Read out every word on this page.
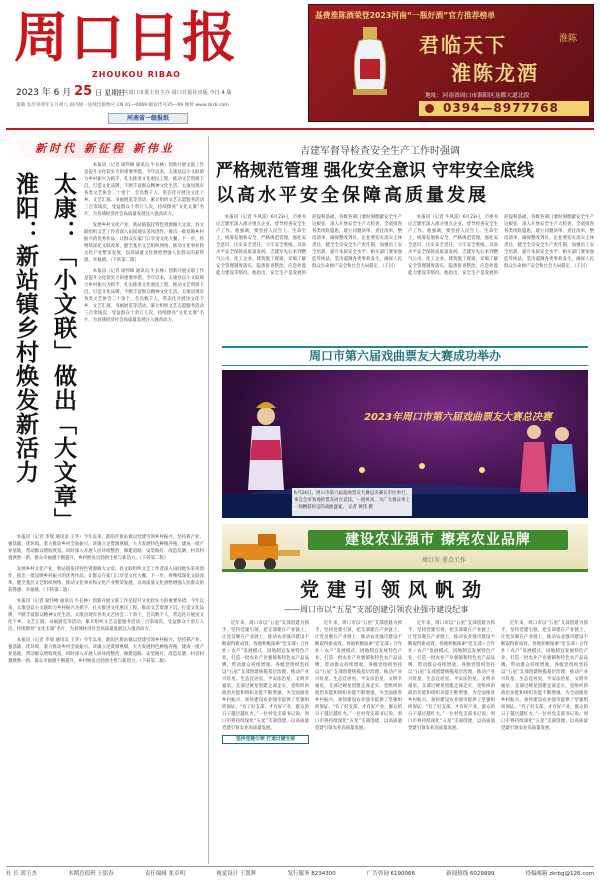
周口日报
ZHOUKOU RIBAO
2023 年 6 月 25 日 星期日
中共周口市委主管主办 周口日报社出版 今日 4 版
第期 农历癸卯年五月初八 国内统一连续出版物号 CN 41—0069 邮发代号35—69 网址 www.zkrb.com
河南省一级报纸
基费淮陈酒荣登2023河南“一瓶好酒”官方推荐榜单
君临天下
淮陈龙酒
淮陈
地址：河南省周口市淮阳区龙都大道北段
0394—8977768
新时代 新征程 新伟业
太康：「小文联」做出「大文章」
淮阳：新站镇乡村焕发新活力

本报讯（记者 梁伟峰 通讯员 牛长林）创新开展文联工作是提升文化软实力的重要举措。今年以来，太康县以小文联助力乡村振兴为抓手，扎实推进文化惠民工程，推动文艺资源下沉，打造文化品牌，不断丰富群众精神文化生活。太康县现有各类文艺协会二十余个，会员数千人，常态化开展送文化下乡、文艺汇演、书画展览等活动，累计组织文艺志愿服务活动三百余场次，受益群众十余万人次，持续擦亮“文化太康”名片，为县域经济社会高质量发展注入强劲动力。

发展乡村文化产业，新站镇依托特色资源做大文章。县文联组织文艺工作者深入田间地头采风创作，推出一批反映乡村振兴的优秀作品，让群众在家门口享受文化大餐。下一步，将继续深化文联改革，健全基层文艺组织网络，推动文化事业和文化产业繁荣发展，以高质量文化供给增强人民群众的获得感、幸福感。（下转第二版）

本报讯（记者 梁伟峰 通讯员 牛长林）创新开展文联工作是提升文化软实力的重要举措。今年以来，太康县以小文联助力乡村振兴为抓手，扎实推进文化惠民工程，推动文艺资源下沉，打造文化品牌，不断丰富群众精神文化生活。太康县现有各类文艺协会二十余个，会员数千人，常态化开展送文化下乡、文艺汇演、书画展览等活动，累计组织文艺志愿服务活动三百余场次，受益群众十余万人次，持续擦亮“文化太康”名片，为县域经济社会高质量发展注入强劲动力。

本报讯（记者 李瑞 通讯员 王华）今年以来，淮阳区新站镇以党建引领乡村振兴，坚持抓产业、强基础、优环境，着力推动乡村全面振兴。该镇立足资源禀赋，大力发展特色种植养殖，建成一批产业基地，带动群众增收致富。同时深入开展人居环境整治，修建道路、安装路灯、改造坑塘，村容村貌焕然一新，群众幸福感不断提升，乡村焕发出勃勃生机与新活力。（下转第二版）

发展乡村文化产业，新站镇依托特色资源做大文章。县文联组织文艺工作者深入田间地头采风创作，推出一批反映乡村振兴的优秀作品，让群众在家门口享受文化大餐。下一步，将继续深化文联改革，健全基层文艺组织网络，推动文化事业和文化产业繁荣发展，以高质量文化供给增强人民群众的获得感、幸福感。（下转第二版）

本报讯（记者 梁伟峰 通讯员 牛长林）创新开展文联工作是提升文化软实力的重要举措。今年以来，太康县以小文联助力乡村振兴为抓手，扎实推进文化惠民工程，推动文艺资源下沉，打造文化品牌，不断丰富群众精神文化生活。太康县现有各类文艺协会二十余个，会员数千人，常态化开展送文化下乡、文艺汇演、书画展览等活动，累计组织文艺志愿服务活动三百余场次，受益群众十余万人次，持续擦亮“文化太康”名片，为县域经济社会高质量发展注入强劲动力。

本报讯（记者 李瑞 通讯员 王华）今年以来，淮阳区新站镇以党建引领乡村振兴，坚持抓产业、强基础、优环境，着力推动乡村全面振兴。该镇立足资源禀赋，大力发展特色种植养殖，建成一批产业基地，带动群众增收致富。同时深入开展人居环境整治，修建道路、安装路灯、改造坑塘，村容村貌焕然一新，群众幸福感不断提升，乡村焕发出勃勃生机与新活力。（下转第二版）

吉建军督导检查安全生产工作时强调
严格规范管理 强化安全意识 守牢安全底线
以高水平安全保障高质量发展

本报讯（记者 牛风雷）6月23日，市委书记吉建军深入部分重点企业，督导检查安全生产工作。他强调，要坚持人民至上、生命至上，统筹发展和安全，严格规范管理，强化安全意识，压实安全责任，守牢安全底线，以高水平安全保障高质量发展。吉建军先后来到燃气公司、化工企业、建筑施工现场，详细了解安全管理制度落实、隐患排查整治、应急处置能力建设等情况。他指出，安全生产是发展的前提和基础，各级各部门要时刻绷紧安全生产这根弦，深入开展安全生产大检查，全面排查各类风险隐患，建立问题清单、责任清单、整改清单，确保整改到位；企业要切实落实主体责任，健全全员安全生产责任制，加强员工安全培训，提升本质安全水平；相关部门要加强监管执法，坚决遏制各类事故发生，确保人民群众生命财产安全和社会大局稳定。（王贝）

本报讯（记者 牛风雷）6月23日，市委书记吉建军深入部分重点企业，督导检查安全生产工作。他强调，要坚持人民至上、生命至上，统筹发展和安全，严格规范管理，强化安全意识，压实安全责任，守牢安全底线，以高水平安全保障高质量发展。吉建军先后来到燃气公司、化工企业、建筑施工现场，详细了解安全管理制度落实、隐患排查整治、应急处置能力建设等情况。他指出，安全生产是发展的前提和基础，各级各部门要时刻绷紧安全生产这根弦，深入开展安全生产大检查，全面排查各类风险隐患，建立问题清单、责任清单、整改清单，确保整改到位；企业要切实落实主体责任，健全全员安全生产责任制，加强员工安全培训，提升本质安全水平；相关部门要加强监管执法，坚决遏制各类事故发生，确保人民群众生命财产安全和社会大局稳定。（王贝）

周口市第六届戏曲票友大赛成功举办
2023年周口市第六届戏曲票友大赛总决赛
6月24日，周口市第六届戏曲票友大赛总决赛在市区举行，来自全市各地的票友同台竞技，一展风采，为广大群众奉上一场精彩纷呈的戏曲盛宴。 记者 黄伟 摄
建设农业强市 擦亮农业品牌
周口市 重点工作
党建引领风帆劲
——周口市以“五星”支部创建引领农业强市建设纪事

近年来，周口市以“五星”支部创建为抓手，坚持党建引领，把支部建在产业链上，让党员聚在产业链上，推动农业强市建设不断取得新成效。各地积极探索“党支部＋合作社＋农户”发展模式，因地制宜发展特色产业，打造一批农业产业强镇和特色农产品品牌，带动群众持续增收。各级党组织坚持以“五星”支部创建统揽基层治理，推动产业兴旺星、生态宜居星、平安法治星、文明幸福星、支部过硬星创建走深走实，党组织的政治功能和组织功能不断增强，为全面推进乡村振兴、加快建设农业强市提供了坚强组织保证。“有了好支部，才有好产业，群众的日子越过越红火。”一位村党支部书记说。周口市将持续深化“五星”支部创建，以高质量党建引领农业高质量发展。

坚持党建引领 打造过硬支部

近年来，周口市以“五星”支部创建为抓手，坚持党建引领，把支部建在产业链上，让党员聚在产业链上，推动农业强市建设不断取得新成效。各地积极探索“党支部＋合作社＋农户”发展模式，因地制宜发展特色产业，打造一批农业产业强镇和特色农产品品牌，带动群众持续增收。各级党组织坚持以“五星”支部创建统揽基层治理，推动产业兴旺星、生态宜居星、平安法治星、文明幸福星、支部过硬星创建走深走实，党组织的政治功能和组织功能不断增强，为全面推进乡村振兴、加快建设农业强市提供了坚强组织保证。“有了好支部，才有好产业，群众的日子越过越红火。”一位村党支部书记说。周口市将持续深化“五星”支部创建，以高质量党建引领农业高质量发展。

近年来，周口市以“五星”支部创建为抓手，坚持党建引领，把支部建在产业链上，让党员聚在产业链上，推动农业强市建设不断取得新成效。各地积极探索“党支部＋合作社＋农户”发展模式，因地制宜发展特色产业，打造一批农业产业强镇和特色农产品品牌，带动群众持续增收。各级党组织坚持以“五星”支部创建统揽基层治理，推动产业兴旺星、生态宜居星、平安法治星、文明幸福星、支部过硬星创建走深走实，党组织的政治功能和组织功能不断增强，为全面推进乡村振兴、加快建设农业强市提供了坚强组织保证。“有了好支部，才有好产业，群众的日子越过越红火。”一位村党支部书记说。周口市将持续深化“五星”支部创建，以高质量党建引领农业高质量发展。

近年来，周口市以“五星”支部创建为抓手，坚持党建引领，把支部建在产业链上，让党员聚在产业链上，推动农业强市建设不断取得新成效。各地积极探索“党支部＋合作社＋农户”发展模式，因地制宜发展特色产业，打造一批农业产业强镇和特色农产品品牌，带动群众持续增收。各级党组织坚持以“五星”支部创建统揽基层治理，推动产业兴旺星、生态宜居星、平安法治星、文明幸福星、支部过硬星创建走深走实，党组织的政治功能和组织功能不断增强，为全面推进乡村振兴、加快建设农业强市提供了坚强组织保证。“有了好支部，才有好产业，群众的日子越过越红火。”一位村党支部书记说。周口市将持续深化“五星”支部创建，以高质量党建引领农业高质量发展。

社 长 郭玉杰	本期总值班 王铭春	责任编辑 张卓明	视觉设计 王凯辉	发行服务 8234300	广告咨询 6190066	新闻热线 6029999	投稿邮箱 zkrbg@126.com
